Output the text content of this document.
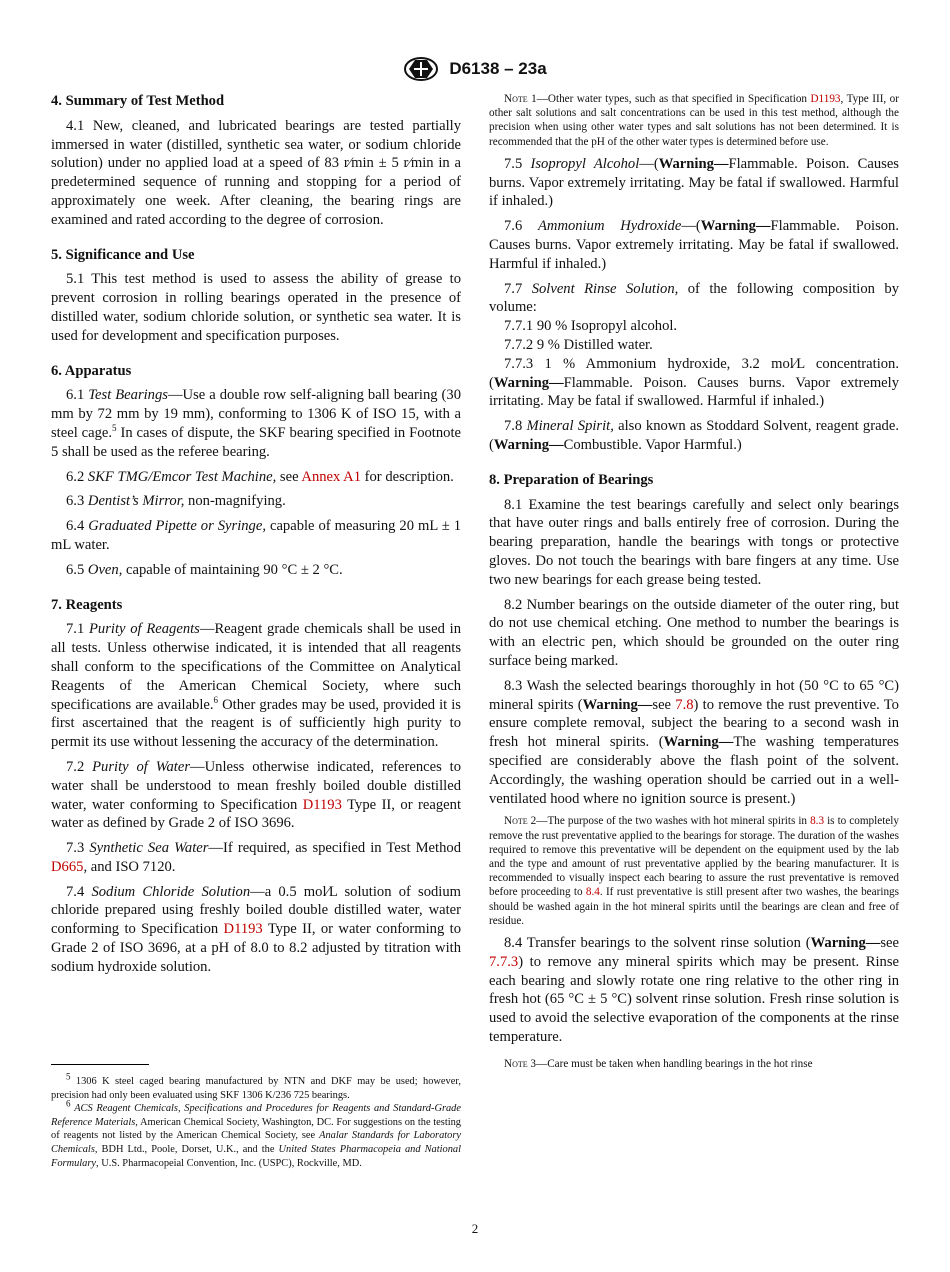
D6138 – 23a
4. Summary of Test Method

4.1 New, cleaned, and lubricated bearings are tested partially immersed in water (distilled, synthetic sea water, or sodium chloride solution) under no applied load at a speed of 83 r⁄min ± 5 r⁄min in a predetermined sequence of running and stopping for a period of approximately one week. After cleaning, the bearing rings are examined and rated according to the degree of corrosion.

5. Significance and Use

5.1 This test method is used to assess the ability of grease to prevent corrosion in rolling bearings operated in the presence of distilled water, sodium chloride solution, or synthetic sea water. It is used for development and specification purposes.

6. Apparatus

6.1 Test Bearings—Use a double row self-aligning ball bearing (30 mm by 72 mm by 19 mm), conforming to 1306 K of ISO 15, with a steel cage.$^5$ In cases of dispute, the SKF bearing specified in Footnote 5 shall be used as the referee bearing.

6.2 SKF TMG/Emcor Test Machine, see Annex A1 for description.

6.3 Dentist’s Mirror, non-magnifying.

6.4 Graduated Pipette or Syringe, capable of measuring 20 mL ± 1 mL water.

6.5 Oven, capable of maintaining 90 °C ± 2 °C.

7. Reagents

7.1 Purity of Reagents—Reagent grade chemicals shall be used in all tests. Unless otherwise indicated, it is intended that all reagents shall conform to the specifications of the Committee on Analytical Reagents of the American Chemical Society, where such specifications are available.$^6$ Other grades may be used, provided it is first ascertained that the reagent is of sufficiently high purity to permit its use without lessening the accuracy of the determination.

7.2 Purity of Water—Unless otherwise indicated, references to water shall be understood to mean freshly boiled double distilled water, water conforming to Specification D1193 Type II, or reagent water as defined by Grade 2 of ISO 3696.

7.3 Synthetic Sea Water—If required, as specified in Test Method D665, and ISO 7120.

7.4 Sodium Chloride Solution—a 0.5 mol⁄L solution of sodium chloride prepared using freshly boiled double distilled water, water conforming to Specification D1193 Type II, or water conforming to Grade 2 of ISO 3696, at a pH of 8.0 to 8.2 adjusted by titration with sodium hydroxide solution.

$^5$ 1306 K steel caged bearing manufactured by NTN and DKF may be used; however, precision had only been evaluated using SKF 1306 K/236 725 bearings.

$^6$ ACS Reagent Chemicals, Specifications and Procedures for Reagents and Standard-Grade Reference Materials, American Chemical Society, Washington, DC. For suggestions on the testing of reagents not listed by the American Chemical Society, see Analar Standards for Laboratory Chemicals, BDH Ltd., Poole, Dorset, U.K., and the United States Pharmacopeia and National Formulary, U.S. Pharmacopeial Convention, Inc. (USPC), Rockville, MD.

Note 1—Other water types, such as that specified in Specification D1193, Type III, or other salt solutions and salt concentrations can be used in this test method, although the precision when using other water types and salt solutions has not been determined. It is recommended that the pH of the other water types is determined before use.

7.5 Isopropyl Alcohol—(Warning—Flammable. Poison. Causes burns. Vapor extremely irritating. May be fatal if swallowed. Harmful if inhaled.)

7.6 Ammonium Hydroxide—(Warning—Flammable. Poison. Causes burns. Vapor extremely irritating. May be fatal if swallowed. Harmful if inhaled.)

7.7 Solvent Rinse Solution, of the following composition by volume:

7.7.1 90 % Isopropyl alcohol.

7.7.2 9 % Distilled water.

7.7.3 1 % Ammonium hydroxide, 3.2 mol⁄L concentration. (Warning—Flammable. Poison. Causes burns. Vapor extremely irritating. May be fatal if swallowed. Harmful if inhaled.)

7.8 Mineral Spirit, also known as Stoddard Solvent, reagent grade. (Warning—Combustible. Vapor Harmful.)

8. Preparation of Bearings

8.1 Examine the test bearings carefully and select only bearings that have outer rings and balls entirely free of corrosion. During the bearing preparation, handle the bearings with tongs or protective gloves. Do not touch the bearings with bare fingers at any time. Use two new bearings for each grease being tested.

8.2 Number bearings on the outside diameter of the outer ring, but do not use chemical etching. One method to number the bearings is with an electric pen, which should be grounded on the outer ring surface being marked.

8.3 Wash the selected bearings thoroughly in hot (50 °C to 65 °C) mineral spirits (Warning—see 7.8) to remove the rust preventive. To ensure complete removal, subject the bearing to a second wash in fresh hot mineral spirits. (Warning—The washing temperatures specified are considerably above the flash point of the solvent. Accordingly, the washing operation should be carried out in a well-ventilated hood where no ignition source is present.)

Note 2—The purpose of the two washes with hot mineral spirits in 8.3 is to completely remove the rust preventative applied to the bearings for storage. The duration of the washes required to remove this preventative will be dependent on the equipment used by the lab and the type and amount of rust preventative applied by the bearing manufacturer. It is recommended to visually inspect each bearing to assure the rust preventative is removed before proceeding to 8.4. If rust preventative is still present after two washes, the bearings should be washed again in the hot mineral spirits until the bearings are clean and free of residue.

8.4 Transfer bearings to the solvent rinse solution (Warning—see 7.7.3) to remove any mineral spirits which may be present. Rinse each bearing and slowly rotate one ring relative to the other ring in fresh hot (65 °C ± 5 °C) solvent rinse solution. Fresh rinse solution is used to avoid the selective evaporation of the components at the rinse temperature.

Note 3—Care must be taken when handling bearings in the hot rinse

2
